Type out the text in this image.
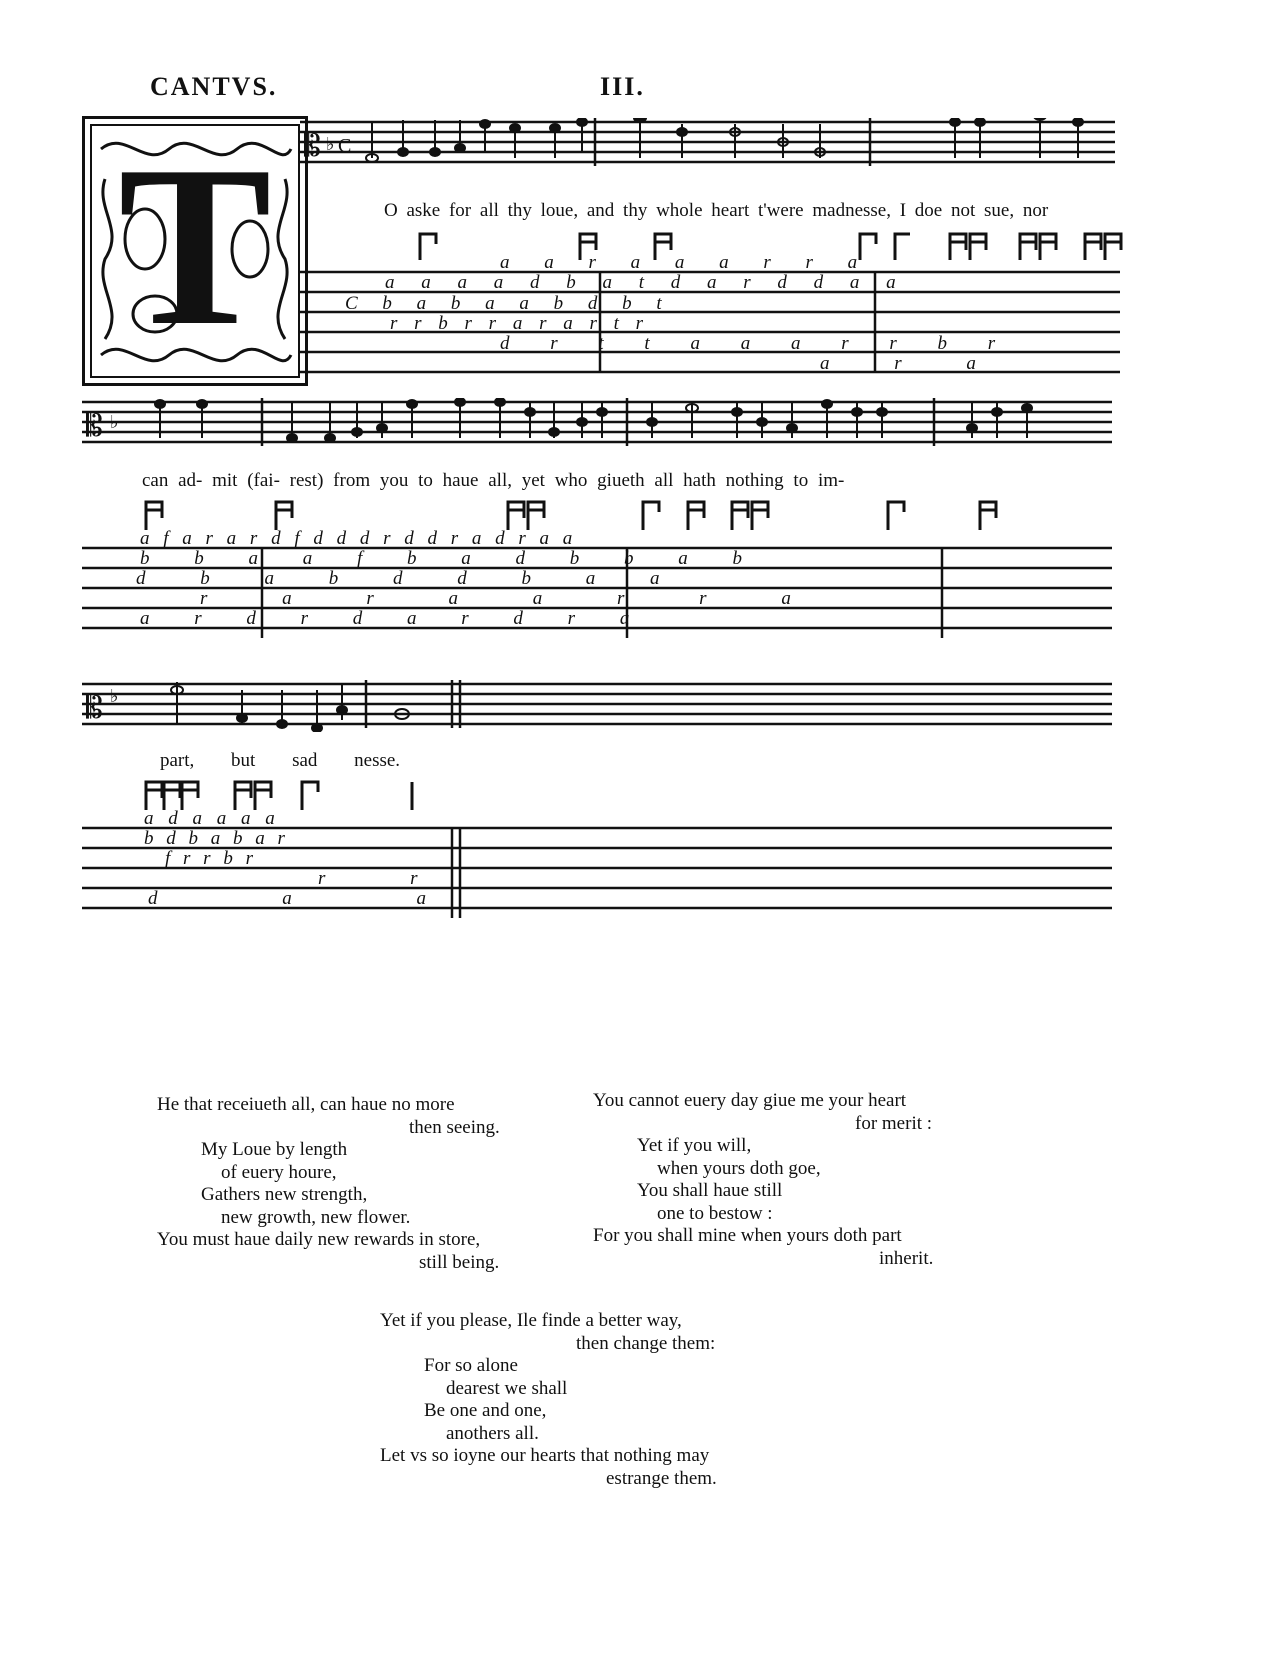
CANTVS.	III.
T 𝄡 ♭ C
O aske for all thy loue, and thy whole heart t'were madnesse, I doe not sue, nor
a a r a a a r r a
a a a a d b a t d a r d d a a
C b a b a a b d b t
r r b r r a r a r t r
d r t t a a a r r b r
a r a
𝄡 ♭
can ad- mit (fai- rest) from you to haue all, yet who giueth all hath nothing to im-
a f a r a r d f d d d r d d r a d r a a
b b a a f b a d b b a b
d b a b d d b a a
r a r a a r r a
a r d r d a r d r a
𝄡 ♭
part, but sad nesse.
a d a a a a
b d b a b a r
f r r b r
r r
d a a
He that receiueth all, can haue no more
then seeing.
My Loue by length
of euery houre,
Gathers new strength,
new growth, new flower.
You must haue daily new rewards in store,
still being.
You cannot euery day giue me your heart
for merit :
Yet if you will,
when yours doth goe,
You shall haue still
one to bestow :
For you shall mine when yours doth part
inherit.
Yet if you please, Ile finde a better way,
then change them:
For so alone
dearest we shall
Be one and one,
anothers all.
Let vs so ioyne our hearts that nothing may
estrange them.
